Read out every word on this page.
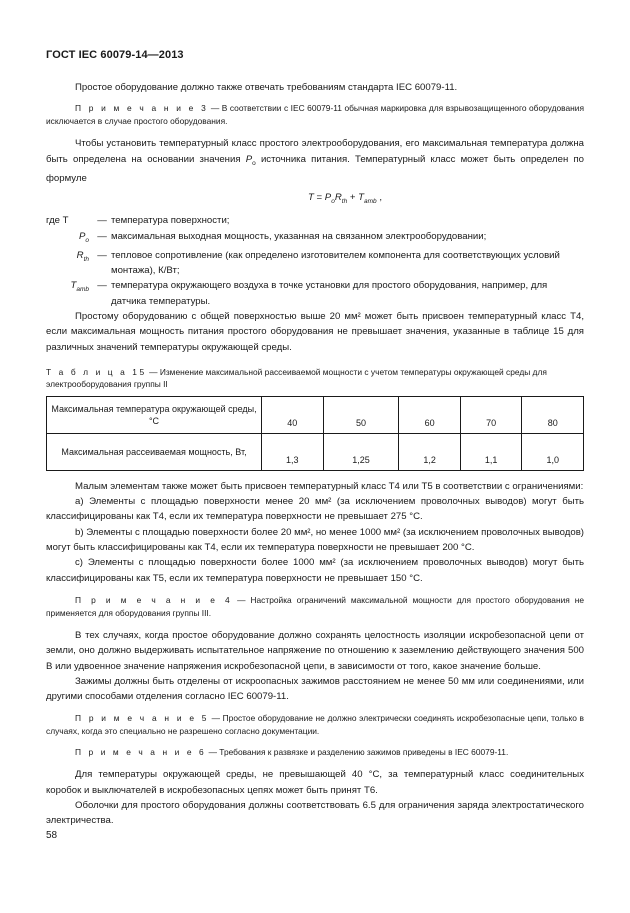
ГОСТ IEC 60079-14—2013

Простое оборудование должно также отвечать требованиям стандарта IEC 60079-11.

П р и м е ч а н и е 3 — В соответствии с IEC 60079-11 обычная маркировка для взрывозащищенного оборудования исключается в случае простого оборудования.

Чтобы установить температурный класс простого электрооборудования, его максимальная температура должна быть определена на основании значения $P_o$ источника питания. Температурный класс может быть определен по формуле

$T = P_oR_{th} + T_{amb}$ ,
где T	— температура поверхности;
$P_o$ — максимальная выходная мощность, указанная на связанном электрооборудовании;
$R_{th}$ — тепловое сопротивление (как определено изготовителем компонента для соответствующих условий монтажа), К/Вт;
$T_{amb}$ — температура окружающего воздуха в точке установки для простого оборудования, например, для датчика температуры.

Простому оборудованию с общей поверхностью выше 20 мм² может быть присвоен температурный класс Т4, если максимальная мощность питания простого оборудования не превышает значения, указанные в таблице 15 для различных значений температуры окружающей среды.

Т а б л и ц а 15 — Изменение максимальной рассеиваемой мощности с учетом температуры окружающей среды для электрооборудования группы II

Максимальная температура окружающей среды, °С	40	50	60	70	80
Максимальная рассеиваемая мощность, Вт,	1,3	1,25	1,2	1,1	1,0

Малым элементам также может быть присвоен температурный класс Т4 или Т5 в соответствии с ограничениями:

a) Элементы с площадью поверхности менее 20 мм² (за исключением проволочных выводов) могут быть классифицированы как Т4, если их температура поверхности не превышает 275 °С.

b) Элементы с площадью поверхности более 20 мм², но менее 1000 мм² (за исключением проволочных выводов) могут быть классифицированы как Т4, если их температура поверхности не превышает 200 °С.

c) Элементы с площадью поверхности более 1000 мм² (за исключением проволочных выводов) могут быть классифицированы как Т5, если их температура поверхности не превышает 150 °С.

П р и м е ч а н и е 4 — Настройка ограничений максимальной мощности для простого оборудования не применяется для оборудования группы III.

В тех случаях, когда простое оборудование должно сохранять целостность изоляции искробезопасной цепи от земли, оно должно выдерживать испытательное напряжение по отношению к заземлению действующего значения 500 В или удвоенное значение напряжения искробезопасной цепи, в зависимости от того, какое значение больше.

Зажимы должны быть отделены от искроопасных зажимов расстоянием не менее 50 мм или соединениями, или другими способами отделения согласно IEC 60079-11.

П р и м е ч а н и е 5 — Простое оборудование не должно электрически соединять искробезопасные цепи, только в случаях, когда это специально не разрешено согласно документации.

П р и м е ч а н и е 6 — Требования к развязке и разделению зажимов приведены в IEC 60079-11.

Для температуры окружающей среды, не превышающей 40 °С, за температурный класс соединительных коробок и выключателей в искробезопасных цепях может быть принят Т6.

Оболочки для простого оборудования должны соответствовать 6.5 для ограничения заряда электростатического электричества.

58
